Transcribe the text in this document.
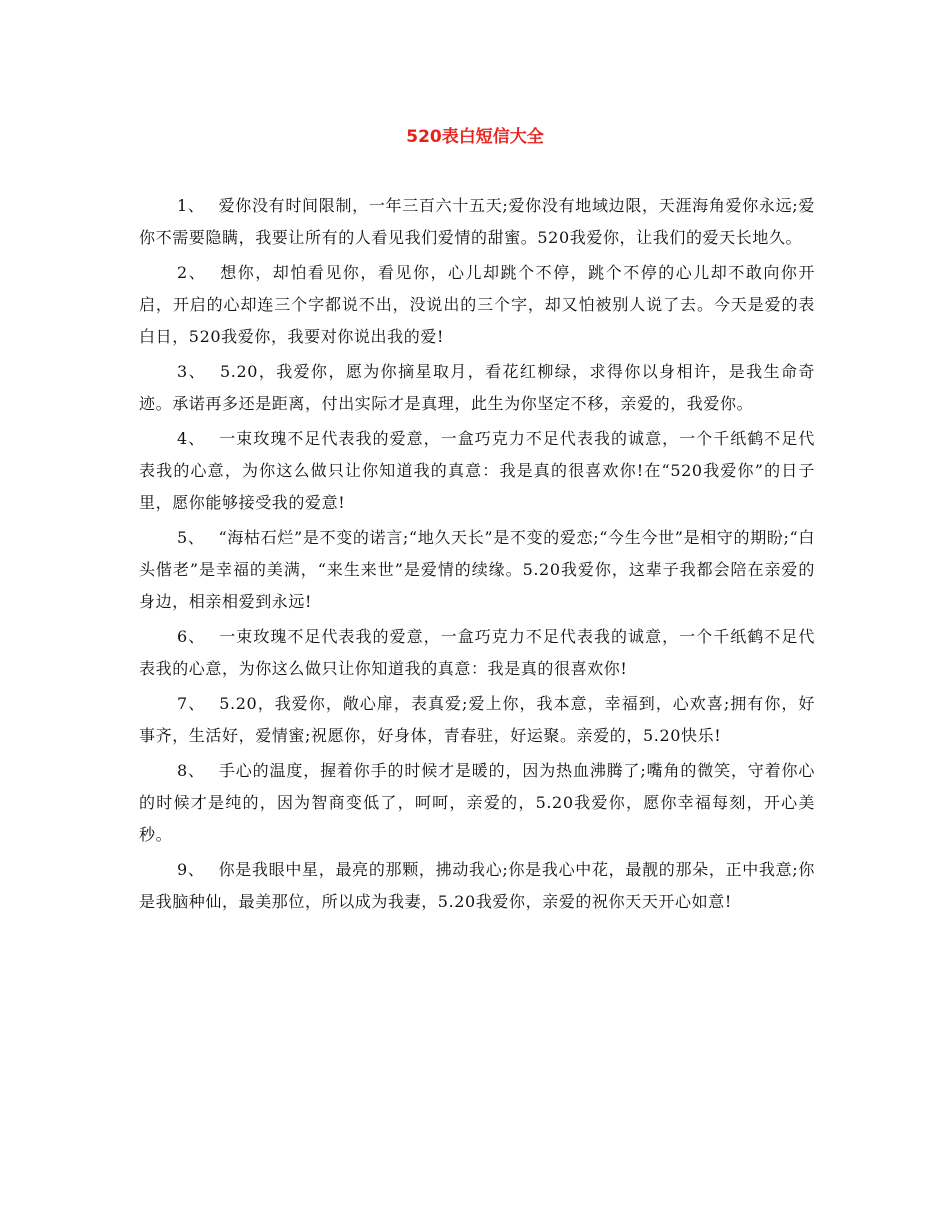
520表白短信大全

1、 爱你没有时间限制，一年三百六十五天;爱你没有地域边限，天涯海角爱你永远;爱你不需要隐瞒，我要让所有的人看见我们爱情的甜蜜。520我爱你，让我们的爱天长地久。

2、 想你，却怕看见你，看见你，心儿却跳个不停，跳个不停的心儿却不敢向你开启，开启的心却连三个字都说不出，没说出的三个字，却又怕被别人说了去。今天是爱的表白日，520我爱你，我要对你说出我的爱!

3、 5.20，我爱你，愿为你摘星取月，看花红柳绿，求得你以身相许，是我生命奇迹。承诺再多还是距离，付出实际才是真理，此生为你坚定不移，亲爱的，我爱你。

4、 一束玫瑰不足代表我的爱意，一盒巧克力不足代表我的诚意，一个千纸鹤不足代表我的心意，为你这么做只让你知道我的真意：我是真的很喜欢你!在“520我爱你”的日子里，愿你能够接受我的爱意!

5、 “海枯石烂”是不变的诺言;“地久天长”是不变的爱恋;“今生今世”是相守的期盼;“白头偕老”是幸福的美满，“来生来世”是爱情的续缘。5.20我爱你，这辈子我都会陪在亲爱的身边，相亲相爱到永远!

6、 一束玫瑰不足代表我的爱意，一盒巧克力不足代表我的诚意，一个千纸鹤不足代表我的心意，为你这么做只让你知道我的真意：我是真的很喜欢你!

7、 5.20，我爱你，敞心扉，表真爱;爱上你，我本意，幸福到，心欢喜;拥有你，好事齐，生活好，爱情蜜;祝愿你，好身体，青春驻，好运聚。亲爱的，5.20快乐!

8、 手心的温度，握着你手的时候才是暖的，因为热血沸腾了;嘴角的微笑，守着你心的时候才是纯的，因为智商变低了，呵呵，亲爱的，5.20我爱你，愿你幸福每刻，开心美秒。

9、 你是我眼中星，最亮的那颗，拂动我心;你是我心中花，最靓的那朵，正中我意;你是我脑种仙，最美那位，所以成为我妻，5.20我爱你，亲爱的祝你天天开心如意!
